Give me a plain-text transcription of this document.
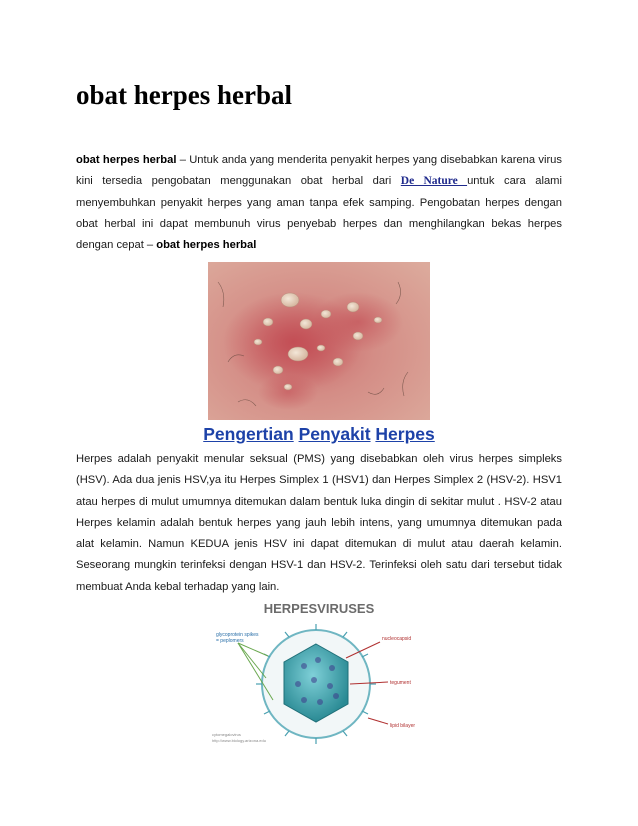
obat herpes herbal

obat herpes herbal – Untuk anda yang menderita penyakit herpes yang disebabkan karena virus kini tersedia pengobatan menggunakan obat herbal dari De Nature untuk cara alami menyembuhkan penyakit herpes yang aman tanpa efek samping. Pengobatan herpes dengan obat herbal ini dapat membunuh virus penyebab herpes dan menghilangkan bekas herpes dengan cepat – obat herpes herbal

Pengertian Penyakit Herpes

Herpes adalah penyakit menular seksual (PMS) yang disebabkan oleh virus herpes simpleks (HSV). Ada dua jenis HSV,ya itu Herpes Simplex 1 (HSV1) dan Herpes Simplex 2 (HSV-2). HSV1 atau herpes di mulut umumnya ditemukan dalam bentuk luka dingin di sekitar mulut . HSV-2 atau Herpes kelamin adalah bentuk herpes yang jauh lebih intens, yang umumnya ditemukan pada alat kelamin. Namun KEDUA jenis HSV ini dapat ditemukan di mulut atau daerah kelamin. Seseorang mungkin terinfeksi dengan HSV-1 dan HSV-2. Terinfeksi oleh satu dari tersebut tidak membuat Anda kebal terhadap yang lain.

HERPESVIRUSES
glycoprotein spikes
= peplomers	nucleocapsid
tegument
lipid bilayer
cytomegalovirus
http://www.biology.arizona.edu
